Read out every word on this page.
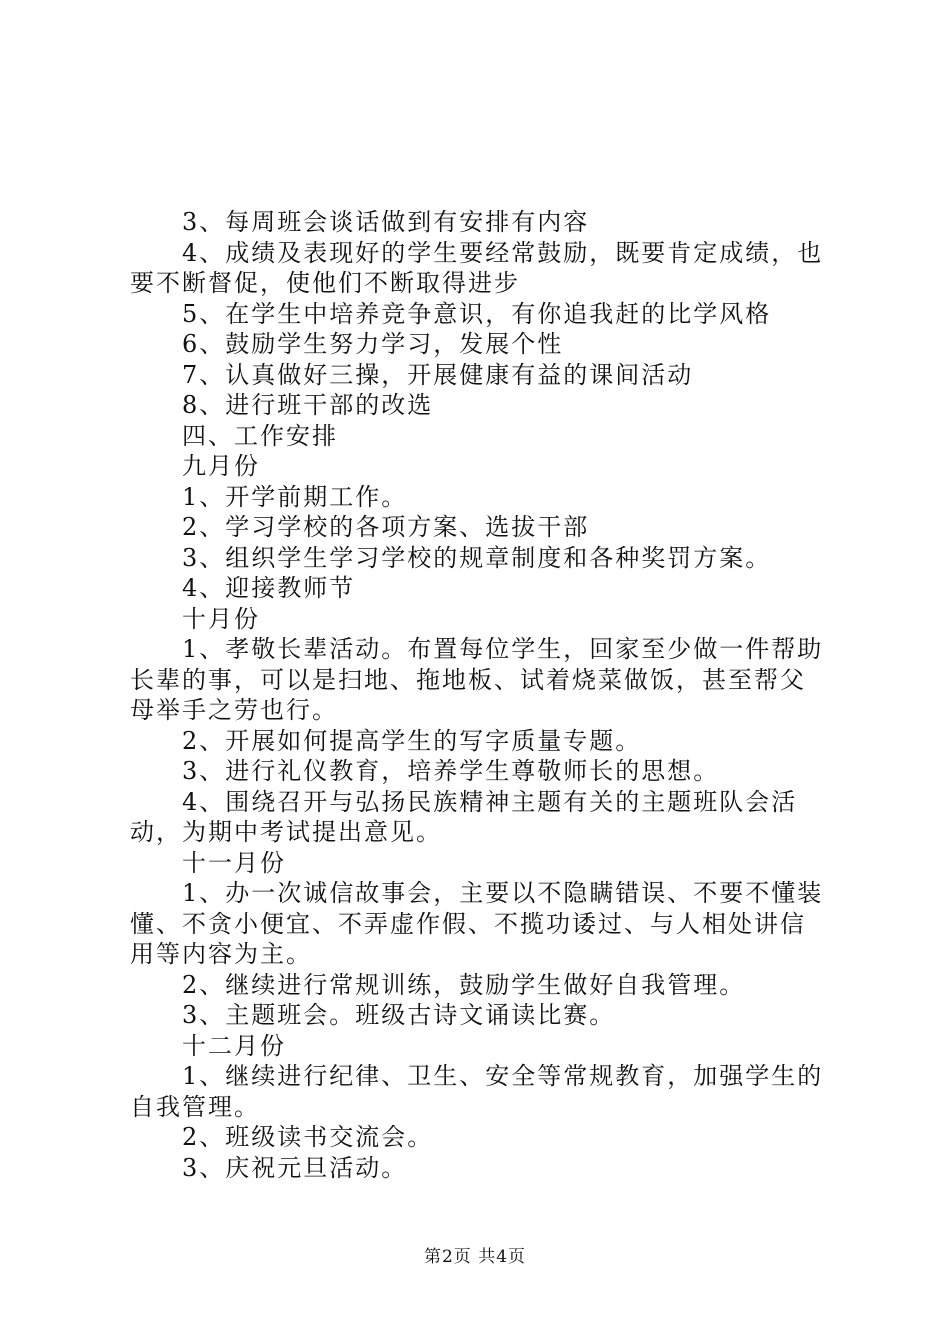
3、每周班会谈话做到有安排有内容

4、成绩及表现好的学生要经常鼓励，既要肯定成绩，也要不断督促，使他们不断取得进步

5、在学生中培养竞争意识，有你追我赶的比学风格

6、鼓励学生努力学习，发展个性

7、认真做好三操，开展健康有益的课间活动

8、进行班干部的改选

四、工作安排

九月份

1、开学前期工作。

2、学习学校的各项方案、选拔干部

3、组织学生学习学校的规章制度和各种奖罚方案。

4、迎接教师节

十月份

1、孝敬长辈活动。布置每位学生，回家至少做一件帮助长辈的事，可以是扫地、拖地板、试着烧菜做饭，甚至帮父母举手之劳也行。

2、开展如何提高学生的写字质量专题。

3、进行礼仪教育，培养学生尊敬师长的思想。

4、围绕召开与弘扬民族精神主题有关的主题班队会活动，为期中考试提出意见。

十一月份

1、办一次诚信故事会，主要以不隐瞒错误、不要不懂装懂、不贪小便宜、不弄虚作假、不揽功诿过、与人相处讲信用等内容为主。

2、继续进行常规训练，鼓励学生做好自我管理。

3、主题班会。班级古诗文诵读比赛。

十二月份

1、继续进行纪律、卫生、安全等常规教育，加强学生的自我管理。

2、班级读书交流会。

3、庆祝元旦活动。

第2页 共4页
